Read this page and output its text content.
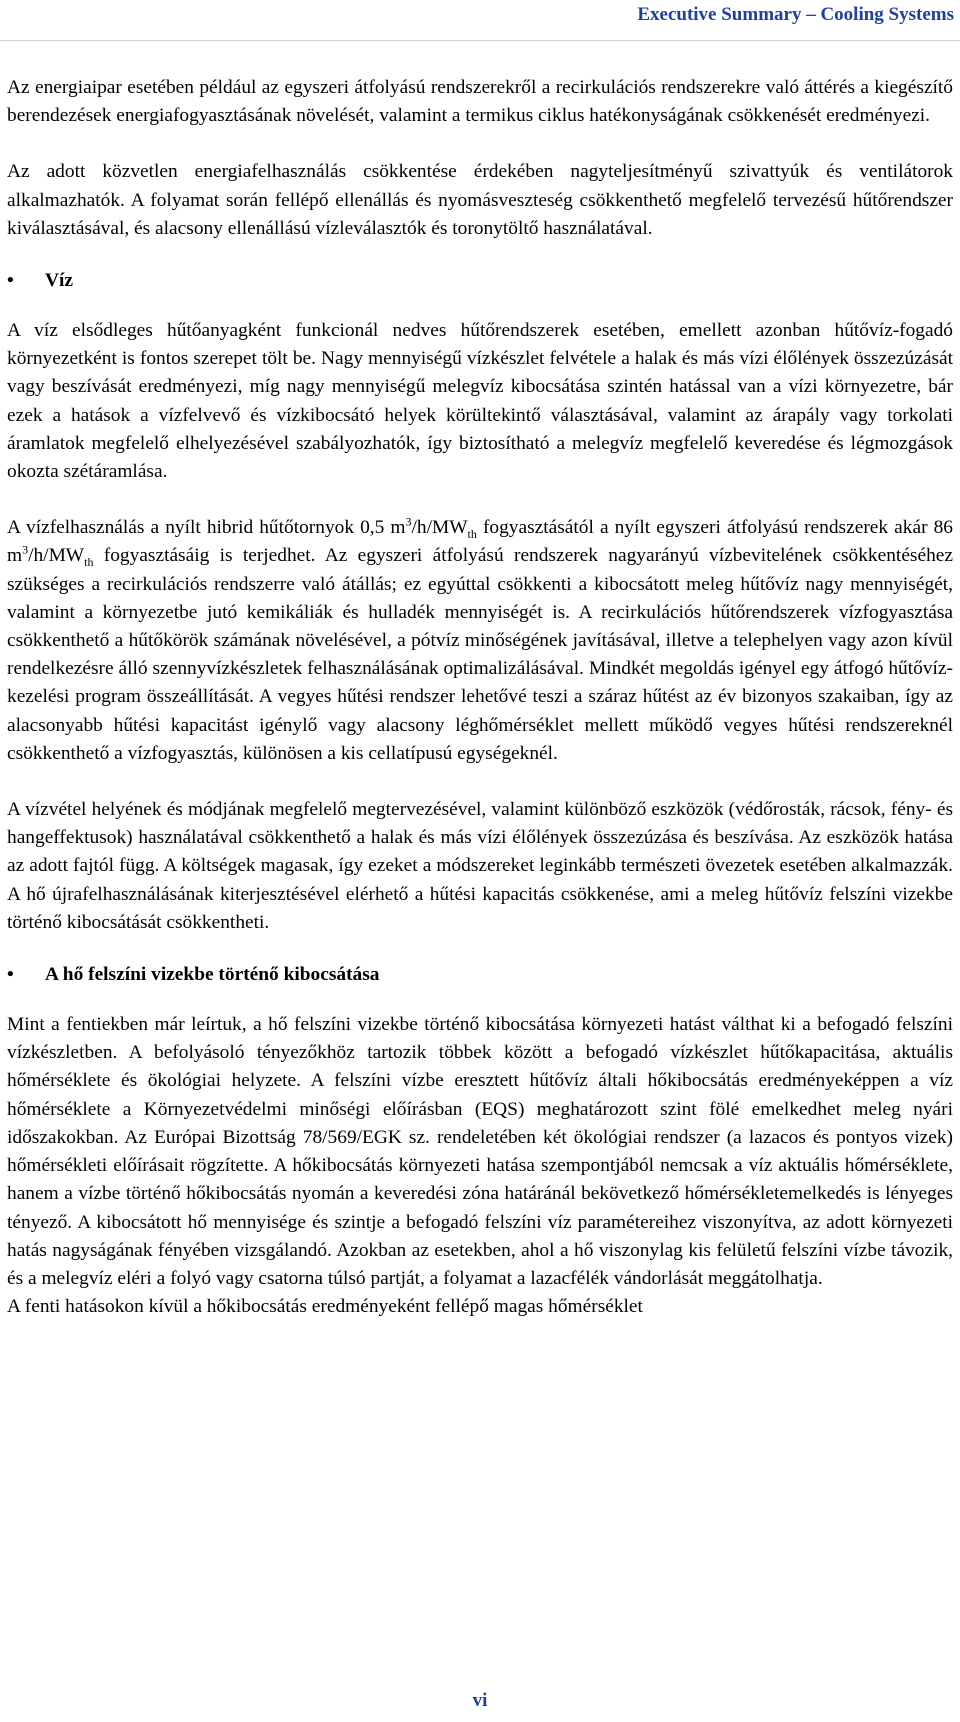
Executive Summary – Cooling Systems

Az energiaipar esetében például az egyszeri átfolyású rendszerekről a recirkulációs rendszerekre való áttérés a kiegészítő berendezések energiafogyasztásának növelését, valamint a termikus ciklus hatékonyságának csökkenését eredményezi.

Az adott közvetlen energiafelhasználás csökkentése érdekében nagyteljesítményű szivattyúk és ventilátorok alkalmazhatók. A folyamat során fellépő ellenállás és nyomásveszteség csökkenthető megfelelő tervezésű hűtőrendszer kiválasztásával, és alacsony ellenállású vízleválasztók és toronytöltő használatával.

•	Víz

A víz elsődleges hűtőanyagként funkcionál nedves hűtőrendszerek esetében, emellett azonban hűtővíz-fogadó környezetként is fontos szerepet tölt be. Nagy mennyiségű vízkészlet felvétele a halak és más vízi élőlények összezúzását vagy beszívását eredményezi, míg nagy mennyiségű melegvíz kibocsátása szintén hatással van a vízi környezetre, bár ezek a hatások a vízfelvevő és vízkibocsátó helyek körültekintő választásával, valamint az árapály vagy torkolati áramlatok megfelelő elhelyezésével szabályozhatók, így biztosítható a melegvíz megfelelő keveredése és légmozgások okozta szétáramlása.

A vízfelhasználás a nyílt hibrid hűtőtornyok 0,5 $m^3/h/MW_{th}$ fogyasztásától a nyílt egyszeri átfolyású rendszerek akár 86 $m^3/h/MW_{th}$ fogyasztásáig is terjedhet. Az egyszeri átfolyású rendszerek nagyarányú vízbevitelének csökkentéséhez szükséges a recirkulációs rendszerre való átállás; ez egyúttal csökkenti a kibocsátott meleg hűtővíz nagy mennyiségét, valamint a környezetbe jutó kemikáliák és hulladék mennyiségét is. A recirkulációs hűtőrendszerek vízfogyasztása csökkenthető a hűtőkörök számának növelésével, a pótvíz minőségének javításával, illetve a telephelyen vagy azon kívül rendelkezésre álló szennyvízkészletek felhasználásának optimalizálásával. Mindkét megoldás igényel egy átfogó hűtővíz-kezelési program összeállítását. A vegyes hűtési rendszer lehetővé teszi a száraz hűtést az év bizonyos szakaiban, így az alacsonyabb hűtési kapacitást igénylő vagy alacsony léghőmérséklet mellett működő vegyes hűtési rendszereknél csökkenthető a vízfogyasztás, különösen a kis cellatípusú egységeknél.

A vízvétel helyének és módjának megfelelő megtervezésével, valamint különböző eszközök (védőrosták, rácsok, fény- és hangeffektusok) használatával csökkenthető a halak és más vízi élőlények összezúzása és beszívása. Az eszközök hatása az adott fajtól függ. A költségek magasak, így ezeket a módszereket leginkább természeti övezetek esetében alkalmazzák. A hő újrafelhasználásának kiterjesztésével elérhető a hűtési kapacitás csökkenése, ami a meleg hűtővíz felszíni vizekbe történő kibocsátását csökkentheti.

•	A hő felszíni vizekbe történő kibocsátása

Mint a fentiekben már leírtuk, a hő felszíni vizekbe történő kibocsátása környezeti hatást válthat ki a befogadó felszíni vízkészletben. A befolyásoló tényezőkhöz tartozik többek között a befogadó vízkészlet hűtőkapacitása, aktuális hőmérséklete és ökológiai helyzete. A felszíni vízbe eresztett hűtővíz általi hőkibocsátás eredményeképpen a víz hőmérséklete a Környezetvédelmi minőségi előírásban (EQS) meghatározott szint fölé emelkedhet meleg nyári időszakokban. Az Európai Bizottság 78/569/EGK sz. rendeletében két ökológiai rendszer (a lazacos és pontyos vizek) hőmérsékleti előírásait rögzítette. A hőkibocsátás környezeti hatása szempontjából nemcsak a víz aktuális hőmérséklete, hanem a vízbe történő hőkibocsátás nyomán a keveredési zóna határánál bekövetkező hőmérsékletemelkedés is lényeges tényező. A kibocsátott hő mennyisége és szintje a befogadó felszíni víz paramétereihez viszonyítva, az adott környezeti hatás nagyságának fényében vizsgálandó. Azokban az esetekben, ahol a hő viszonylag kis felületű felszíni vízbe távozik, és a melegvíz eléri a folyó vagy csatorna túlsó partját, a folyamat a lazacfélék vándorlását meggátolhatja.

A fenti hatásokon kívül a hőkibocsátás eredményeként fellépő magas hőmérséklet

vi
